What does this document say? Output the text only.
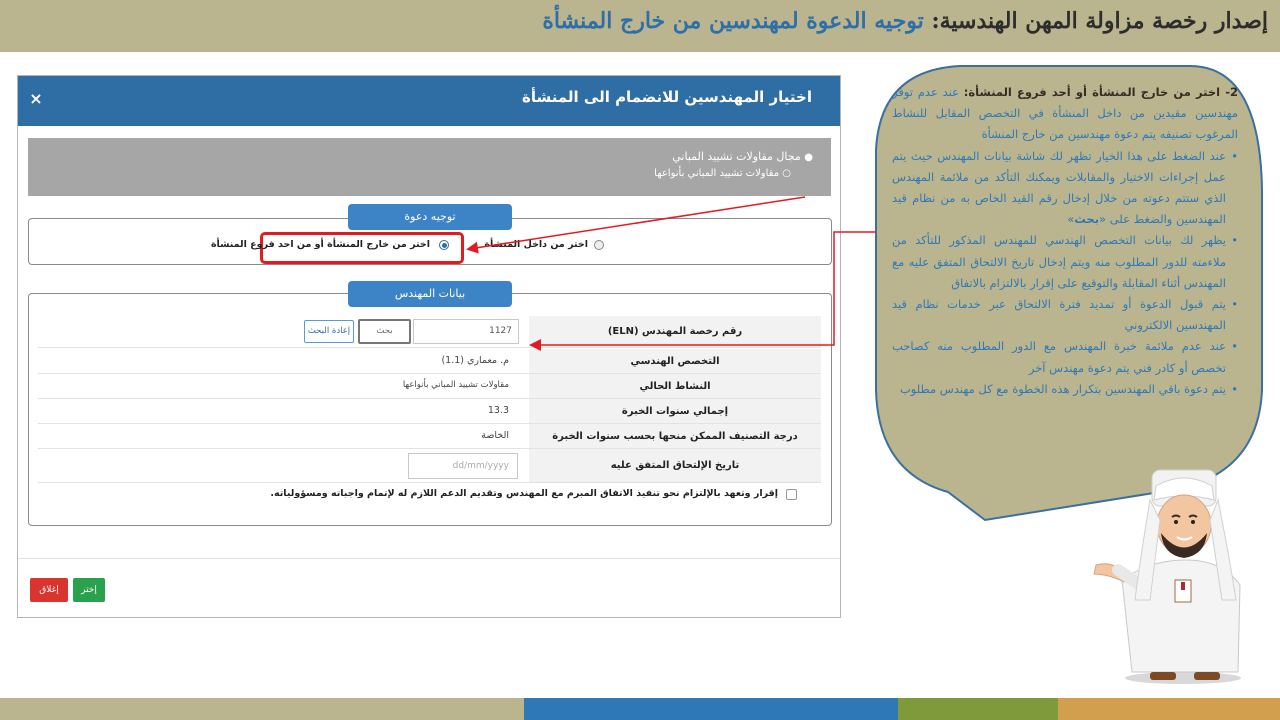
إصدار رخصة مزاولة المهن الهندسية: توجيه الدعوة لمهندسين من خارج المنشأة
اختيار المهندسين للانضمام الى المنشأة
×
● مجال مقاولات تشييد المباني
○ مقاولات تشييد المباني بأنواعها
توجيه دعوة
اختر من داخل المنشأة
اختر من خارج المنشأة أو من احد فروع المنشأة
بيانات المهندس
رقم رخصة المهندس (ELN)
1127
بحث
إعادة البحث
التخصص الهندسي
م. معماري (1.1)
النشاط الحالي
مقاولات تشييد المباني بأنواعها
إجمالي سنوات الخبرة
13.3
درجة التصنيف الممكن منحها بحسب سنوات الخبرة
الخاصة
تاريخ الإلتحاق المتفق عليه
dd/mm/yyyy
إقرار وتعهد بالإلتزام نحو تنفيذ الاتفاق المبرم مع المهندس وتقديم الدعم اللازم له لإتمام واجباته ومسؤولياته.
إغلاق	إختر
2- اختر من خارج المنشأة أو أحد فروع المنشأة: عند عدم توفر مهندسين مقيدين من داخل المنشأة في التخصص المقابل للنشاط المرغوب تصنيفه يتم دعوة مهندسين من خارج المنشأة
• عند الضغط على هذا الخيار تظهر لك شاشة بيانات المهندس حيث يتم عمل إجراءات الاختيار والمقابلات ويمكنك التأكد من ملائمة المهندس الذي ستتم دعوته من خلال إدخال رقم القيد الخاص به من نظام قيد المهندسين والضغط على «بحث»
• يظهر لك بيانات التخصص الهندسي للمهندس المذكور للتأكد من ملاءمته للدور المطلوب منه ويتم إدخال تاريخ الالتحاق المتفق عليه مع المهندس أثناء المقابلة والتوقيع على إقرار بالالتزام بالاتفاق
• يتم قبول الدعوة أو تمديد فترة الالتحاق عبر خدمات نظام قيد المهندسين الالكتروني
• عند عدم ملائمة خبرة المهندس مع الدور المطلوب منه كصاحب تخصص أو كادر فني يتم دعوة مهندس آخر
• يتم دعوة باقي المهندسين بتكرار هذه الخطوة مع كل مهندس مطلوب
